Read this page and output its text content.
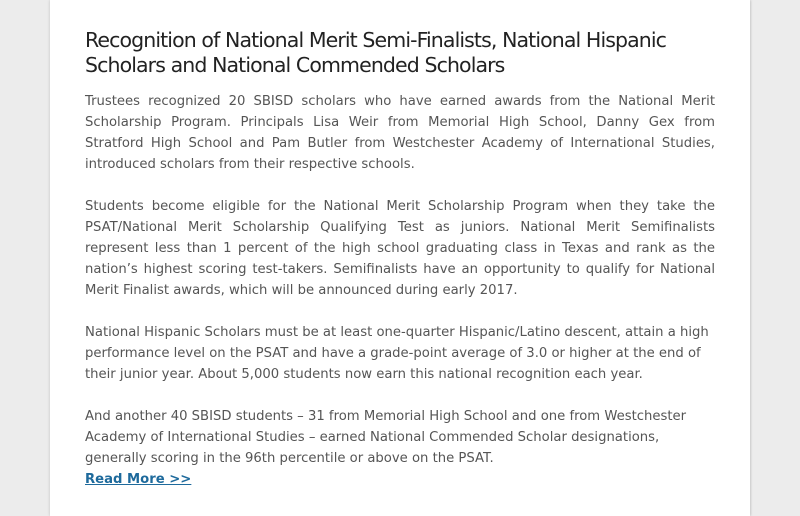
Recognition of National Merit Semi-Finalists, National Hispanic Scholars and National Commended Scholars

Trustees recognized 20 SBISD scholars who have earned awards from the National Merit Scholarship Program. Principals Lisa Weir from Memorial High School, Danny Gex from Stratford High School and Pam Butler from Westchester Academy of International Studies, introduced scholars from their respective schools.

Students become eligible for the National Merit Scholarship Program when they take the PSAT/National Merit Scholarship Qualifying Test as juniors. National Merit Semifinalists represent less than 1 percent of the high school graduating class in Texas and rank as the nation’s highest scoring test-takers. Semifinalists have an opportunity to qualify for National Merit Finalist awards, which will be announced during early 2017.

National Hispanic Scholars must be at least one-quarter Hispanic/Latino descent, attain a high performance level on the PSAT and have a grade-point average of 3.0 or higher at the end of their junior year. About 5,000 students now earn this national recognition each year.

And another 40 SBISD students – 31 from Memorial High School and one from Westchester Academy of International Studies – earned National Commended Scholar designations, generally scoring in the 96th percentile or above on the PSAT.

Read More >>
